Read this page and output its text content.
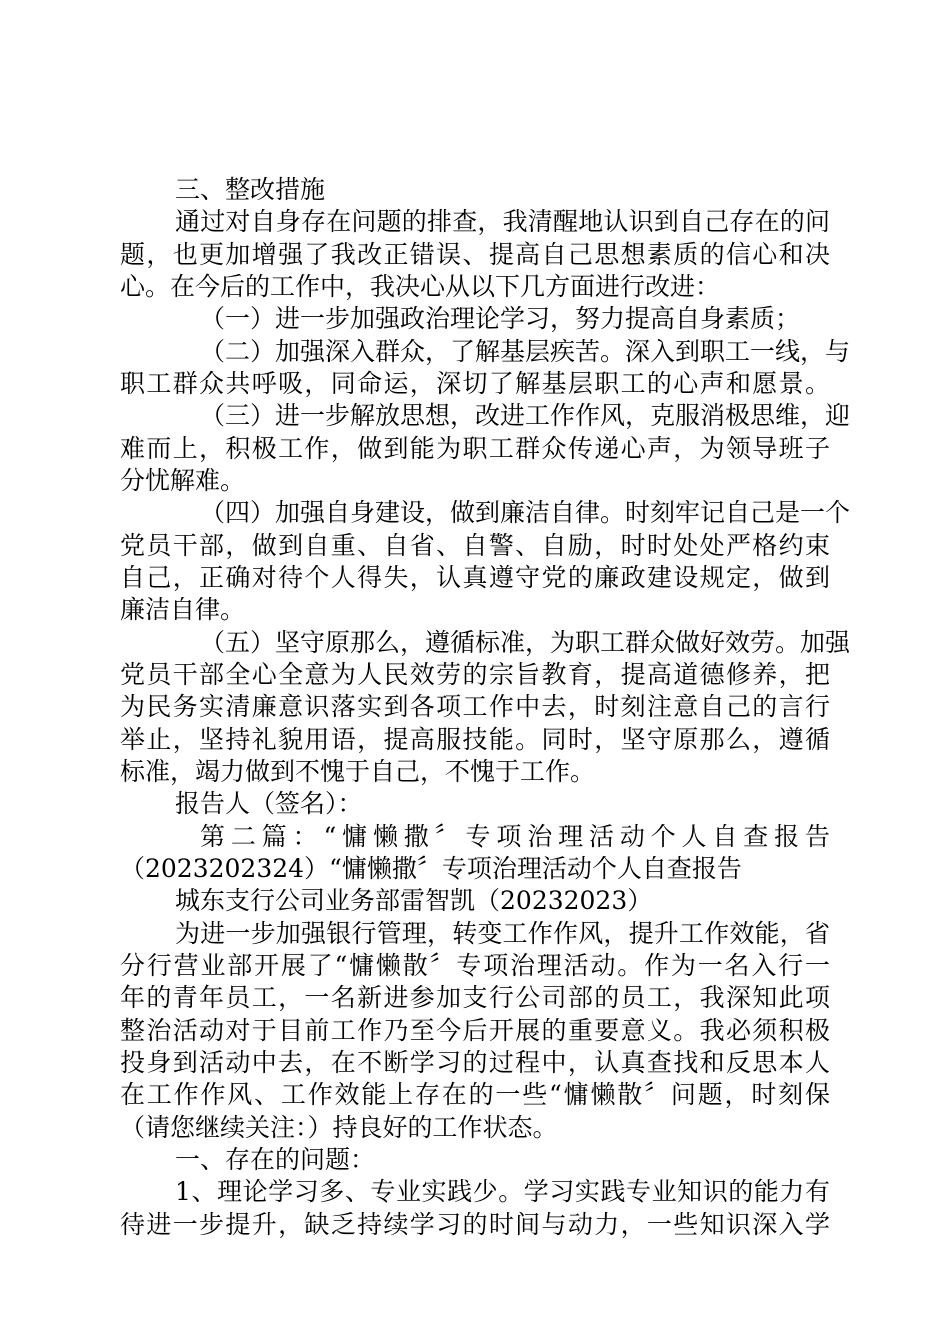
三、整改措施
通过对自身存在问题的排查，我清醒地认识到自己存在的问
题，也更加增强了我改正错误、提高自己思想素质的信心和决
心。在今后的工作中，我决心从以下几方面进行改进：
（一）进一步加强政治理论学习，努力提高自身素质；
（二）加强深入群众，了解基层疾苦。深入到职工一线，与
职工群众共呼吸，同命运，深切了解基层职工的心声和愿景。
（三）进一步解放思想，改进工作作风，克服消极思维，迎
难而上，积极工作，做到能为职工群众传递心声，为领导班子
分忧解难。
（四）加强自身建设，做到廉洁自律。时刻牢记自己是一个
党员干部，做到自重、自省、自警、自励，时时处处严格约束
自己，正确对待个人得失，认真遵守党的廉政建设规定，做到
廉洁自律。
（五）坚守原那么，遵循标准，为职工群众做好效劳。加强
党员干部全心全意为人民效劳的宗旨教育，提高道德修养，把
为民务实清廉意识落实到各项工作中去，时刻注意自己的言行
举止，坚持礼貌用语，提高服技能。同时，坚守原那么，遵循
标准，竭力做到不愧于自己，不愧于工作。
报告人（签名）：
第二篇：“慵懒撒〞专项治理活动个人自查报告
（2023202324）“慵懒撒〞专项治理活动个人自查报告
城东支行公司业务部雷智凯（20232023）
为进一步加强银行管理，转变工作作风，提升工作效能，省
分行营业部开展了“慵懒散〞专项治理活动。作为一名入行一
年的青年员工，一名新进参加支行公司部的员工，我深知此项
整治活动对于目前工作乃至今后开展的重要意义。我必须积极
投身到活动中去，在不断学习的过程中，认真查找和反思本人
在工作作风、工作效能上存在的一些“慵懒散〞问题，时刻保
（请您继续关注：）持良好的工作状态。
一、存在的问题：
1、理论学习多、专业实践少。学习实践专业知识的能力有
待进一步提升，缺乏持续学习的时间与动力，一些知识深入学
